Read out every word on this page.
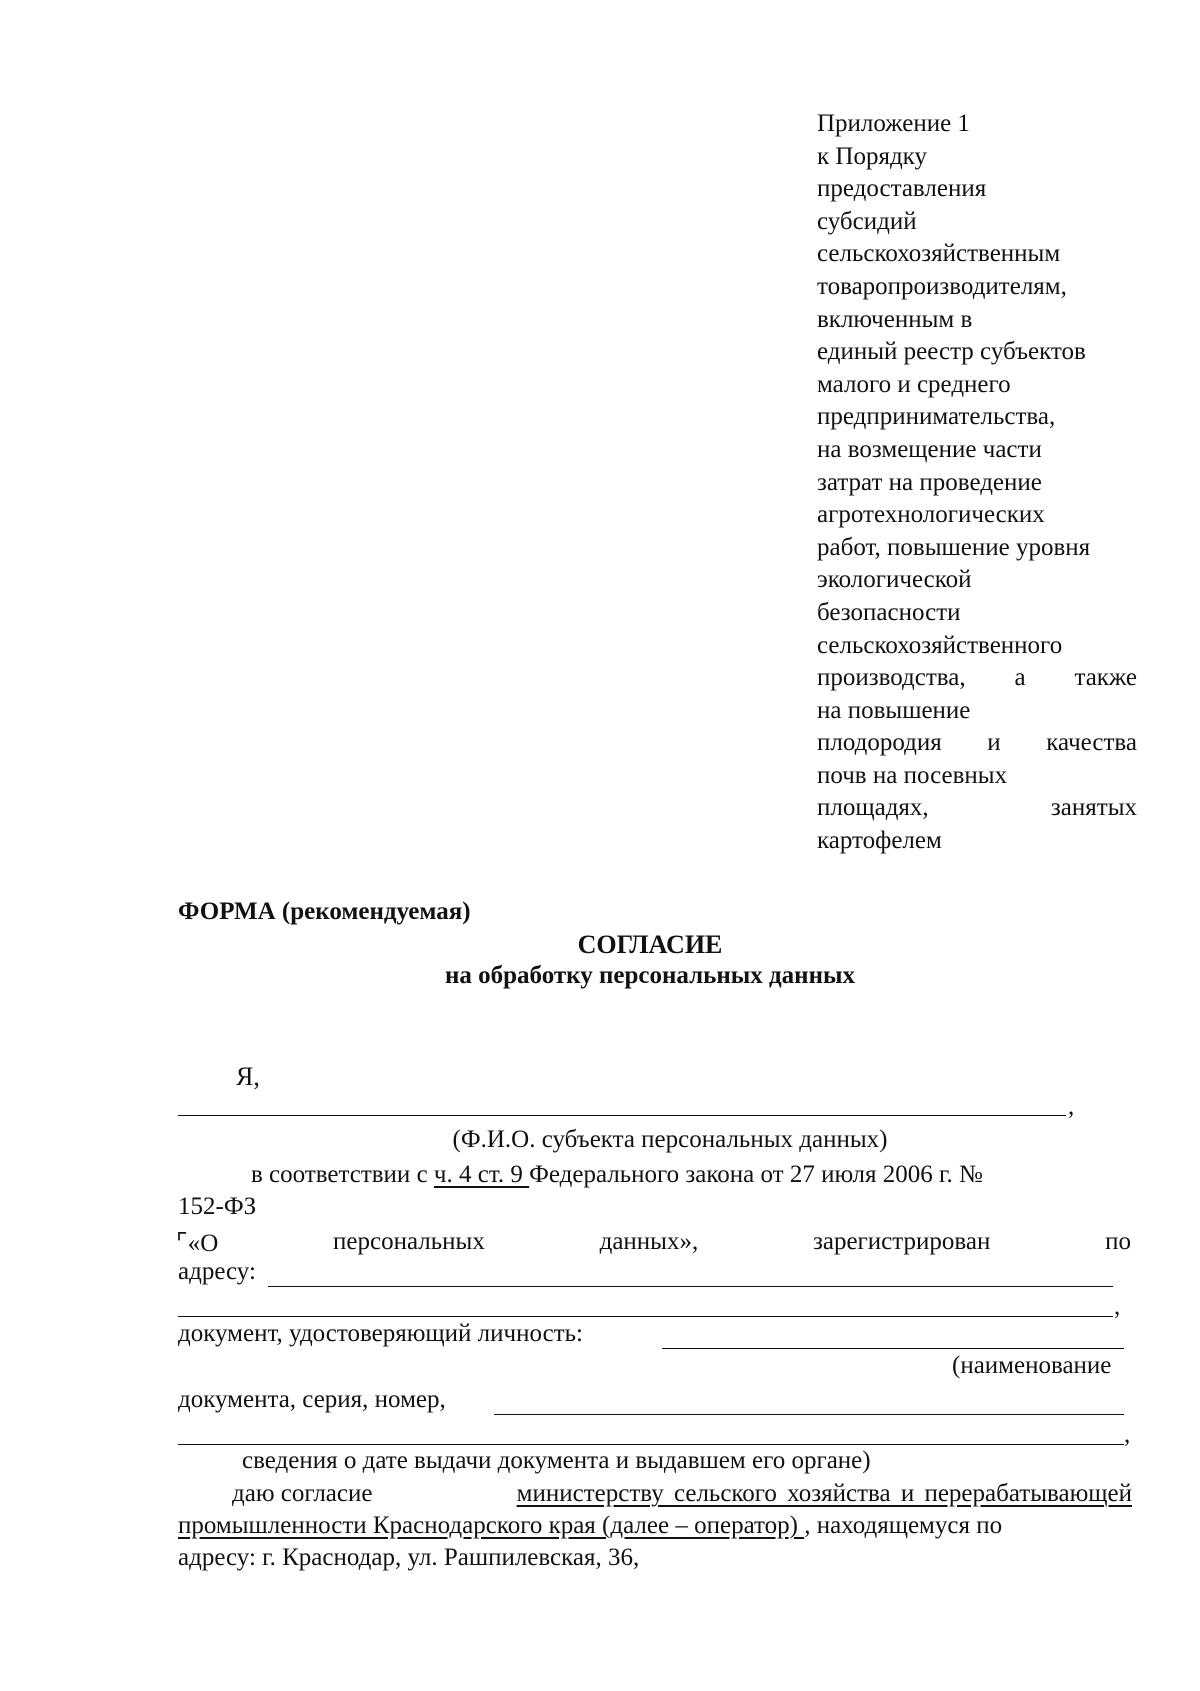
Приложение 1
к Порядку
предоставления
субсидий
сельскохозяйственным
товаропроизводителям,
включенным в
единый реестр субъектов
малого и среднего
предпринимательства,
на возмещение части
затрат на проведение
агротехнологических
работ, повышение уровня
экологической
безопасности
сельскохозяйственного
производства, а также
на повышение
плодородия и качества
почв на посевных
площадях,	занятых
картофелем
ФОРМА (рекомендуемая)
СОГЛАСИЕ
на обработку персональных данных
Я,
,
(Ф.И.О. субъекта персональных данных)
в соответствии с ч. 4 ст. 9 Федерального закона от 27 июля 2006 г. №
152-ФЗ
⌜«О	персональных	данных»,	зарегистрирован	по
адресу:
,
документ, удостоверяющий личность:
(наименование
документа, серия, номер,
,
сведения о дате выдачи документа и выдавшем его органе)
даю согласие	министерству сельского хозяйства и перерабатывающей
промышленности Краснодарского края (далее – оператор) , находящемуся по
адресу: г. Краснодар, ул. Рашпилевская, 36,
